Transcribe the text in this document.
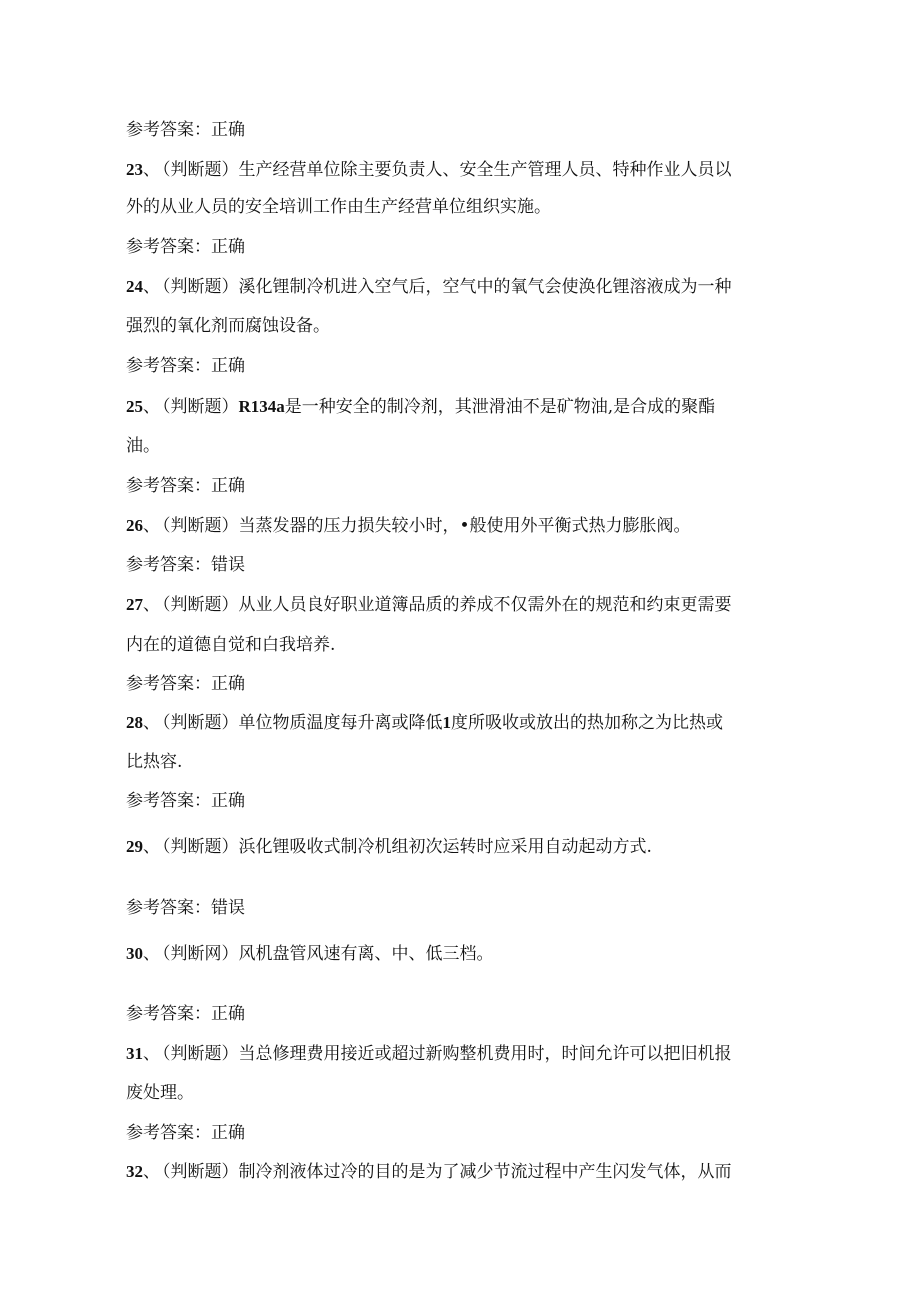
参考答案：正确
23、 （判断题）生产经营单位除主要负责人、安全生产管理人员、特种作业人员以
外的从业人员的安全培训工作由生产经营单位组织实施。
参考答案：正确
24、 （判断题）溪化锂制冷机进入空气后，空气中的氧气会使涣化锂溶液成为一种
强烈的氧化剂而腐蚀设备。
参考答案：正确
25、 （判断题）R134a是一种安全的制冷剂，其泄滑油不是矿物油,是合成的聚酯
油。
参考答案：正确
26、 （判断题）当蒸发器的压力损失较小时，•般使用外平衡式热力膨胀阀。
参考答案：错误
27、 （判断题）从业人员良好职业道簿品质的养成不仅需外在的规范和约束更需要
内在的道德自觉和白我培养.
参考答案：正确
28、 （判断题）单位物质温度每升离或降低1度所吸收或放出的热加称之为比热或
比热容.
参考答案：正确
29、 （判断题）浜化锂吸收式制冷机组初次运转时应采用自动起动方式.
参考答案：错误
30、 （判断网）风机盘管风速有离、中、低三档。
参考答案：正确
31、 （判断题）当总修理费用接近或超过新购整机费用时，时间允许可以把旧机报
废处理。
参考答案：正确
32、 （判断题）制冷剂液体过冷的目的是为了减少节流过程中产生闪发气体，从而
